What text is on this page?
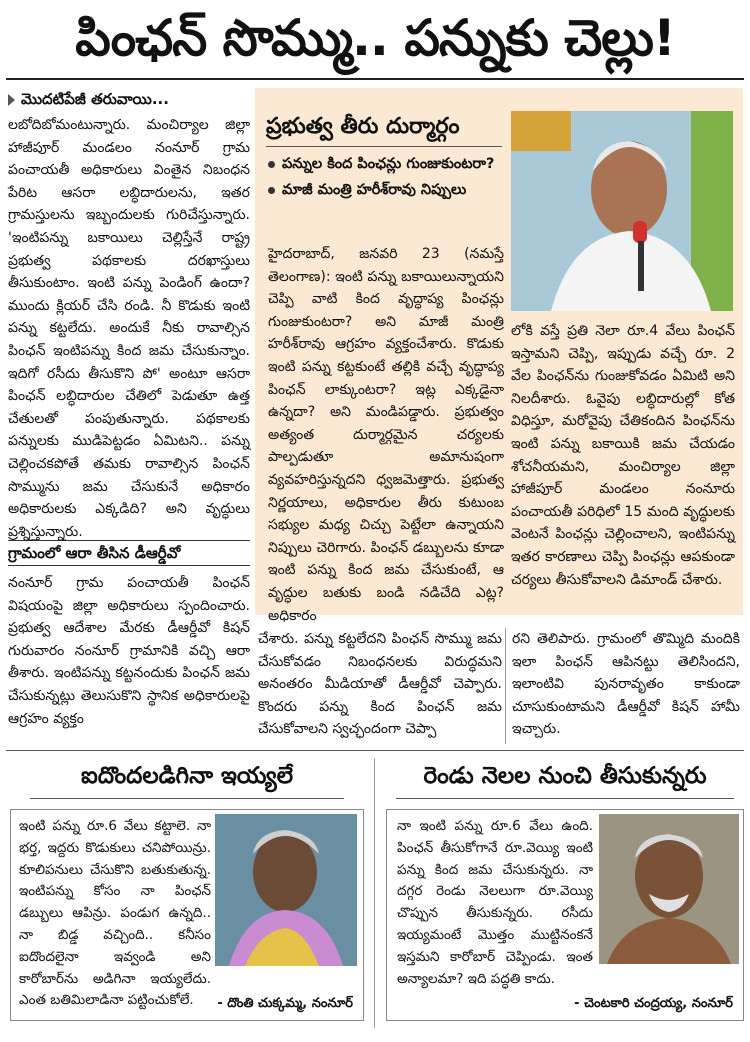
పింఛన్ సొమ్ము.. పన్నుకు చెల్లు!
మొదటిపేజీ తరువాయి...
లబోదిబోమంటున్నారు. మంచిర్యాల జిల్లా హాజీపూర్ మండలం నంనూర్ గ్రామ పంచాయతీ అధికారులు వింతైన నిబంధన పేరిట ఆసరా లబ్ధిదారులను, ఇతర గ్రామస్తులను ఇబ్బందులకు గురిచేస్తున్నారు. 'ఇంటిపన్ను బకాయిలు చెల్లిస్తేనే రాష్ట్ర ప్రభుత్వ పథకాలకు దరఖాస్తులు తీసుకుంటాం. ఇంటి పన్ను పెండింగ్ ఉందా? ముందు క్లియర్ చేసి రండి. నీ కొడుకు ఇంటి పన్ను కట్టలేదు. అందుకే నీకు రావాల్సిన పింఛన్ ఇంటిపన్ను కింద జమ చేసుకున్నాం. ఇదిగో రసీదు తీసుకొని పో' అంటూ ఆసరా పింఛన్ లబ్ధిదారుల చేతిలో పెడుతూ ఉత్త చేతులతో పంపుతున్నారు. పథకాలకు పన్నులకు ముడిపెట్టడం ఏమిటని.. పన్ను చెల్లించకపోతే తమకు రావాల్సిన పింఛన్ సొమ్మును జమ చేసుకునే అధికారం అధికారులకు ఎక్కడిది? అని వృద్ధులు ప్రశ్నిస్తున్నారు.
గ్రామంలో ఆరా తీసిన డీఆర్డీవో
నంనూర్ గ్రామ పంచాయతీ పింఛన్ విషయంపై జిల్లా అధికారులు స్పందించారు. ప్రభుత్వ ఆదేశాల మేరకు డీఆర్డీవో కిషన్ గురువారం నంనూర్ గ్రామానికి వచ్చి ఆరా తీశారు. ఇంటిపన్ను కట్టనందుకు పింఛన్ జమ చేసుకున్నట్లు తెలుసుకొని స్థానిక అధికారులపై ఆగ్రహం వ్యక్తం
ప్రభుత్వ తీరు దుర్మార్గం
పన్నుల కింద పింఛన్లు గుంజుకుంటరా?
మాజీ మంత్రి హరీశ్‌రావు నిప్పులు
హైదరాబాద్, జనవరి 23 (నమస్తే తెలంగాణ): ఇంటి పన్ను బకాయిలున్నాయని చెప్పి వాటి కింద వృద్ధాప్య పింఛన్లు గుంజుకుంటరా? అని మాజీ మంత్రి హరీశ్‌రావు ఆగ్రహం వ్యక్తంచేశారు. కొడుకు ఇంటి పన్ను కట్టకుంటే తల్లికి వచ్చే వృద్ధాప్య పింఛన్ లాక్కుంటరా? ఇట్ల ఎక్కడైనా ఉన్నదా? అని మండిపడ్డారు. ప్రభుత్వం అత్యంత దుర్మార్గమైన చర్యలకు పాల్పడుతూ అమానుషంగా వ్యవహరిస్తున్నదని ధ్వజమెత్తారు. ప్రభుత్వ నిర్ణయాలు, అధికారుల తీరు కుటుంబ సభ్యుల మధ్య చిచ్చు పెట్టేలా ఉన్నాయని నిప్పులు చెరిగారు. పింఛన్ డబ్బులను కూడా ఇంటి పన్ను కింద జమ చేసుకుంటే, ఆ వృద్ధుల బతుకు బండి నడిచేది ఎట్ల? అధికారం
లోకి వస్తే ప్రతి నెలా రూ.4 వేలు పింఛన్ ఇస్తామని చెప్పి, ఇప్పుడు వచ్చే రూ. 2 వేల పింఛన్‌ను గుంజుకోవడం ఏమిటి అని నిలదీశారు. ఓవైపు లబ్ధిదారుల్లో కోత విధిస్తూ, మరోవైపు చేతికందిన పింఛన్‌ను ఇంటి పన్ను బకాయికి జమ చేయడం శోచనీయమని, మంచిర్యాల జిల్లా హాజీపూర్ మండలం నంనూరు పంచాయతీ పరిధిలో 15 మంది వృద్ధులకు వెంటనే పింఛన్లు చెల్లించాలని, ఇంటిపన్ను ఇతర కారణాలు చెప్పి పింఛన్లు ఆపకుండా చర్యలు తీసుకోవాలని డిమాండ్ చేశారు.
చేశారు. పన్ను కట్టలేదని పింఛన్ సొమ్ము జమ చేసుకోవడం నిబంధనలకు విరుద్ధమని అనంతరం మీడియాతో డీఆర్డీవో చెప్పారు. కొందరు పన్ను కింద పింఛన్ జమ చేసుకోవాలని స్వచ్ఛందంగా చెప్పా
రని తెలిపారు. గ్రామంలో తొమ్మిది మందికి ఇలా పింఛన్ ఆపినట్టు తెలిసిందని, ఇలాంటివి పునరావృతం కాకుండా చూసుకుంటామని డీఆర్డీవో కిషన్ హామీ ఇచ్చారు.
ఐదొందలడిగినా ఇయ్యలే
ఇంటి పన్ను రూ.6 వేలు కట్టాలె. నా భర్త, ఇద్దరు కొడుకులు చనిపోయిన్రు. కూలిపనులు చేసుకొని బతుకుతున్న. ఇంటిపన్ను కోసం నా పింఛన్ డబ్బులు ఆపిన్రు. పండుగ ఉన్నది.. నా బిడ్డ వచ్చింది.. కనీసం ఐదొందలైనా ఇవ్వండి అని కారోబార్‌ను అడిగినా ఇయ్యలేదు. ఎంత బతిమిలాడినా పట్టించుకోలే.	- దొంతి చుక్కమ్మ, నంనూర్
రెండు నెలల నుంచి తీసుకున్నరు
నా ఇంటి పన్ను రూ.6 వేలు ఉంది. పింఛన్ తీసుకోగానే రూ.వెయ్యి ఇంటి పన్ను కింద జమ చేసుకున్నరు. నా దగ్గర రెండు నెలలుగా రూ.వెయ్యి చొప్పున తీసుకున్నరు. రసీదు ఇయ్యమంటే మొత్తం ముట్టినంకనే ఇస్తమని కారోబార్ చెప్పిండు. ఇంత అన్యాలమా? ఇది పద్ధతి కాదు.
- చెంటకారి చంద్రయ్య, నంనూర్
